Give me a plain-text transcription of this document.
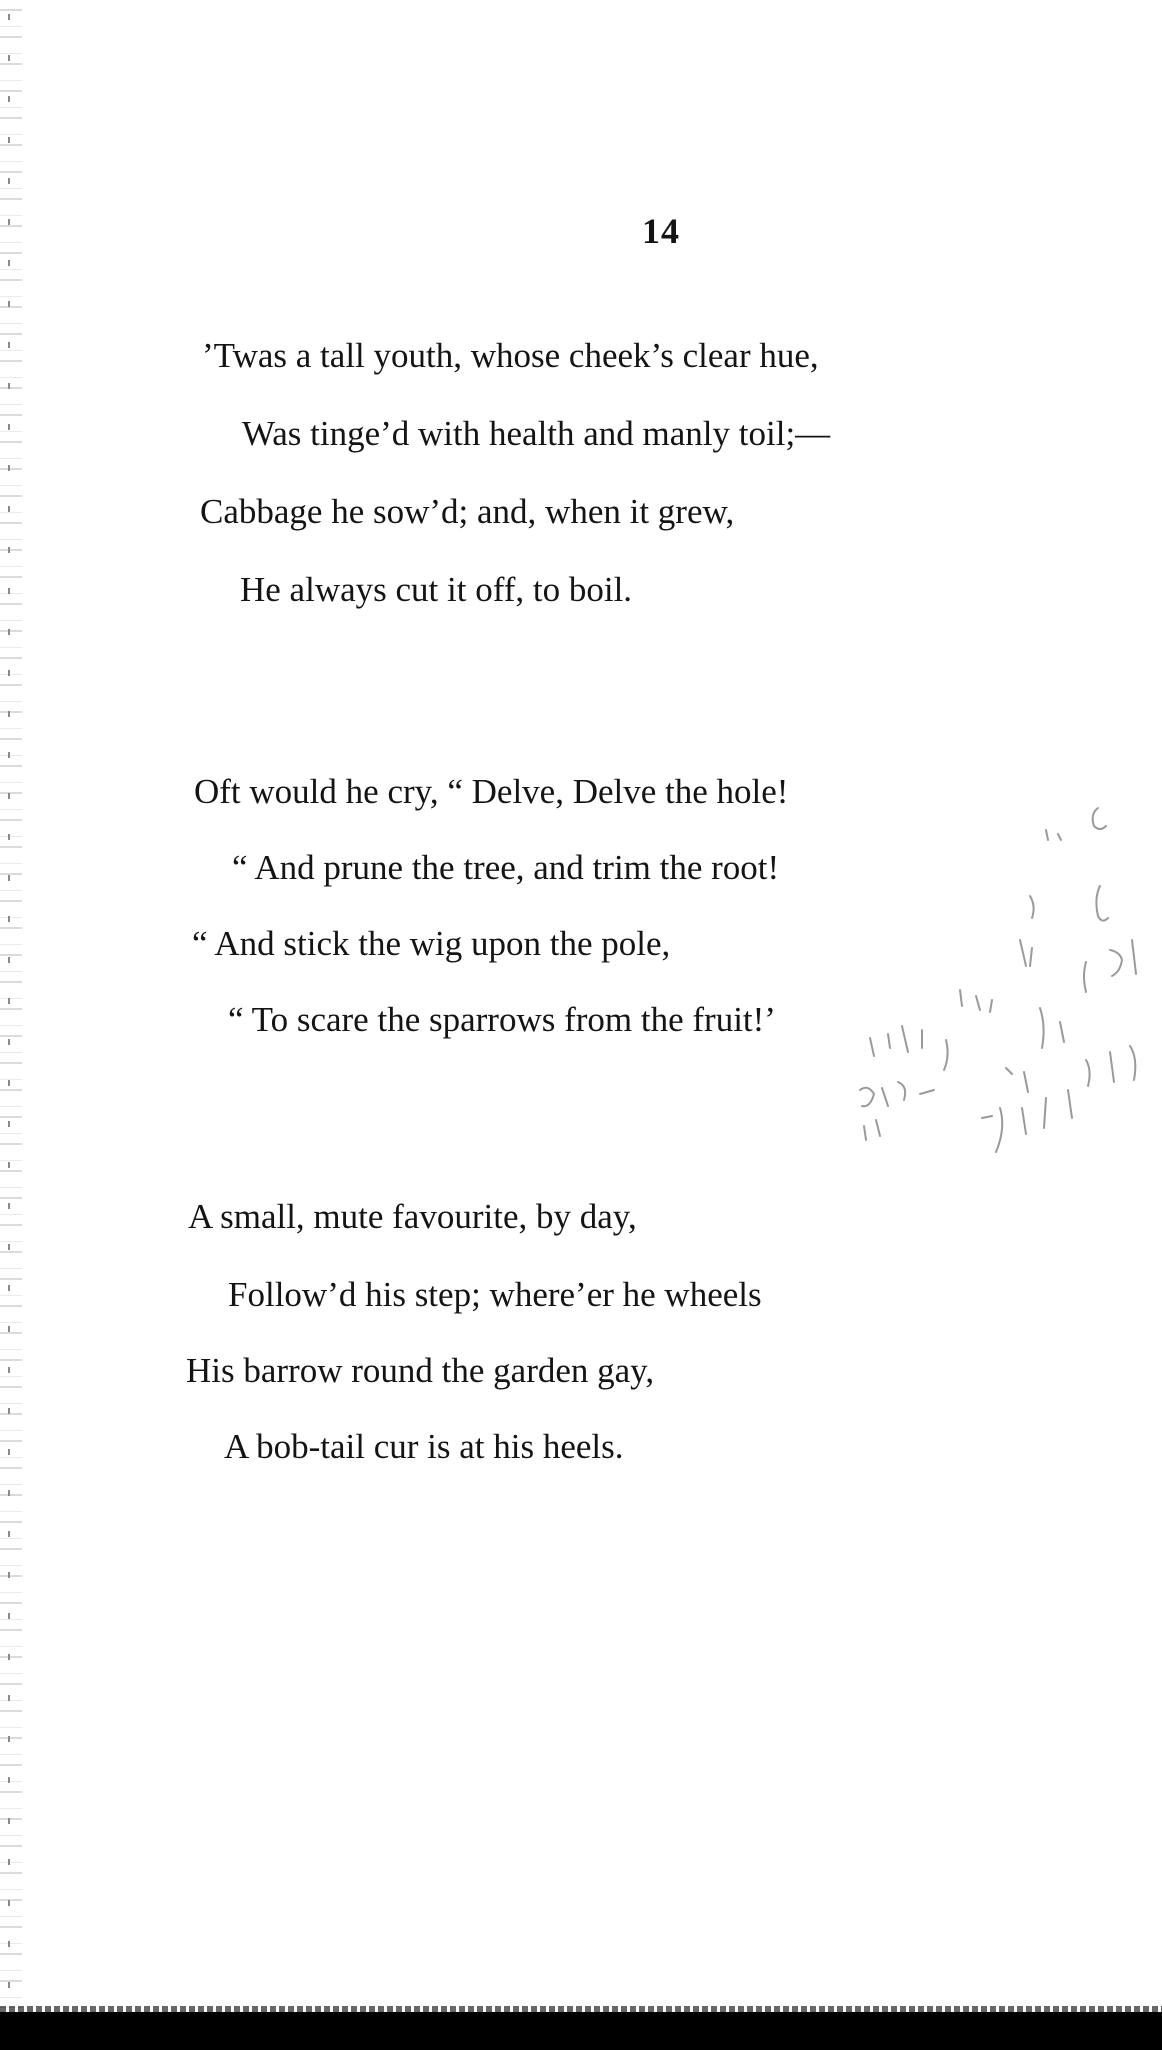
14
’Twas a tall youth, whose cheek’s clear hue,
Was tinge’d with health and manly toil;—
Cabbage he sow’d; and, when it grew,
He always cut it off, to boil.
Oft would he cry, “ Delve, Delve the hole!
“ And prune the tree, and trim the root!
“ And stick the wig upon the pole,
“ To scare the sparrows from the fruit!’
A small, mute favourite, by day,
Follow’d his step; where’er he wheels
His barrow round the garden gay,
A bob-tail cur is at his heels.
